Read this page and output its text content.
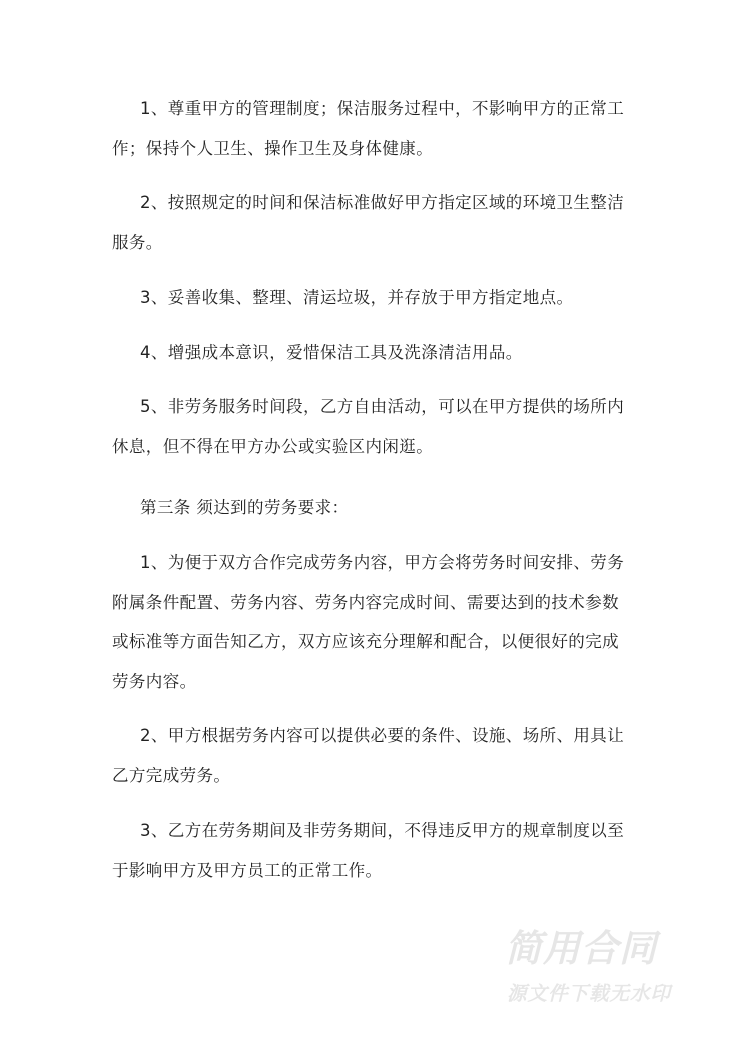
1、尊重甲方的管理制度；保洁服务过程中，不影响甲方的正常工
作；保持个人卫生、操作卫生及身体健康。
2、按照规定的时间和保洁标准做好甲方指定区域的环境卫生整洁
服务。
3、妥善收集、整理、清运垃圾，并存放于甲方指定地点。
4、增强成本意识，爱惜保洁工具及洗涤清洁用品。
5、非劳务服务时间段，乙方自由活动，可以在甲方提供的场所内
休息，但不得在甲方办公或实验区内闲逛。
第三条 须达到的劳务要求：
1、为便于双方合作完成劳务内容，甲方会将劳务时间安排、劳务
附属条件配置、劳务内容、劳务内容完成时间、需要达到的技术参数
或标准等方面告知乙方，双方应该充分理解和配合，以便很好的完成
劳务内容。
2、甲方根据劳务内容可以提供必要的条件、设施、场所、用具让
乙方完成劳务。
3、乙方在劳务期间及非劳务期间，不得违反甲方的规章制度以至
于影响甲方及甲方员工的正常工作。
简用合同
源文件下载无水印
